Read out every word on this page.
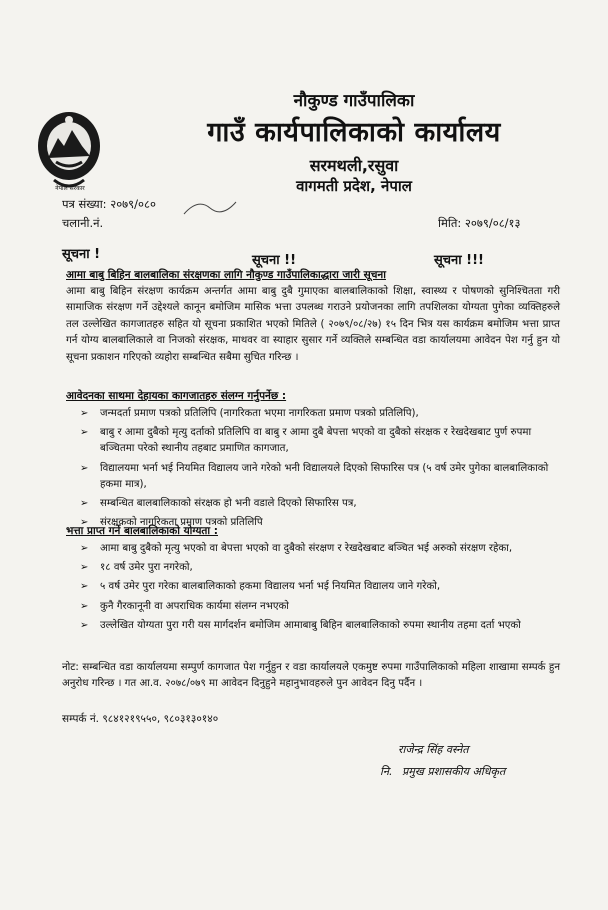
नेपाल सरकार
नौकुण्ड गाउँपालिका
गाउँ कार्यपालिकाको कार्यालय
सरमथली,रसुवा
वागमती प्रदेश, नेपाल
पत्र संख्या: २०७९/०८०
चलानी.नं.	मिति: २०७९/०८/१३
सूचना !	सूचना !!	सूचना !!!
आमा बाबु बिहिन बालबालिका संरक्षणका लागि नौकुण्ड गाउँपालिकाद्धारा जारी सूचना
आमा बाबु बिहिन संरक्षण कार्यक्रम अन्तर्गत आमा बाबु दुबै गुमाएका बालबालिकाको शिक्षा, स्वास्थ्य र पोषणको सुनिश्चितता गरी सामाजिक संरक्षण गर्ने उद्देश्यले कानून बमोजिम मासिक भत्ता उपलब्ध गराउने प्रयोजनका लागि तपशिलका योग्यता पुगेका व्यक्तिहरुले तल उल्लेखित कागजातहरु सहित यो सूचना प्रकाशित भएको मितिले ( २०७९/०८/२७) १५ दिन भित्र यस कार्यक्रम बमोजिम भत्ता प्राप्त गर्न योग्य बालबालिकाले वा निजको संरक्षक, माथवर वा स्याहार सुसार गर्ने व्यक्तिले सम्बन्धित वडा कार्यालयमा आवेदन पेश गर्नु हुन यो सूचना प्रकाशन गरिएको व्यहोरा सम्बन्धित सबैमा सुचित गरिन्छ ।
आवेदनका साथमा देहायका कागजातहरु संलग्न गर्नुपर्नेछ :
➢ जन्मदर्ता प्रमाण पत्रको प्रतिलिपि (नागरिकता भएमा नागरिकता प्रमाण पत्रको प्रतिलिपि),
➢ बाबु र आमा दुबैको मृत्यु दर्ताको प्रतिलिपि वा बाबु र आमा दुबै बेपत्ता भएको वा दुबैको संरक्षक र रेखदेखबाट पुर्ण रुपमा बञ्चितमा परेको स्थानीय तहबाट प्रमाणित कागजात,
➢ विद्यालयमा भर्ना भई नियमित विद्यालय जाने गरेको भनी विद्यालयले दिएको सिफारिस पत्र (५ वर्ष उमेर पुगेका बालबालिकाको हकमा मात्र),
➢ सम्बन्धित बालबालिकाको संरक्षक हो भनी वडाले दिएको सिफारिस पत्र,
➢ संरक्षकको नागरिकता प्रमाण पत्रको प्रतिलिपि
भत्ता प्राप्त गर्ने बालबालिकाको योग्यता :
➢ आमा बाबु दुबैको मृत्यु भएको वा बेपत्ता भएको वा दुबैको संरक्षण र रेखदेखबाट बञ्चित भई अरुको संरक्षण रहेका,
➢ १८ वर्ष उमेर पुरा नगरेको,
➢ ५ वर्ष उमेर पुरा गरेका बालबालिकाको हकमा विद्यालय भर्ना भई नियमित विद्यालय जाने गरेको,
➢ कुनै गैरकानूनी वा अपराधिक कार्यमा संलग्न नभएको
➢ उल्लेखित योग्यता पुरा गरी यस मार्गदर्शन बमोजिम आमाबाबु बिहिन बालबालिकाको रुपमा स्थानीय तहमा दर्ता भएको
नोट: सम्बन्धित वडा कार्यालयमा सम्पुर्ण कागजात पेश गर्नुहुन र वडा कार्यालयले एकमुष्ट रुपमा गाउँपालिकाको महिला शाखामा सम्पर्क हुन अनुरोध गरिन्छ । गत आ.व. २०७८/०७९ मा आवेदन दिनुहुने महानुभावहरुले पुन आवेदन दिनु पर्दैन ।
सम्पर्क नं. ९८४१२१९५५०, ९८०३१३०१४०
राजेन्द्र सिंह वस्नेत
नि. प्रमुख प्रशासकीय अधिकृत
